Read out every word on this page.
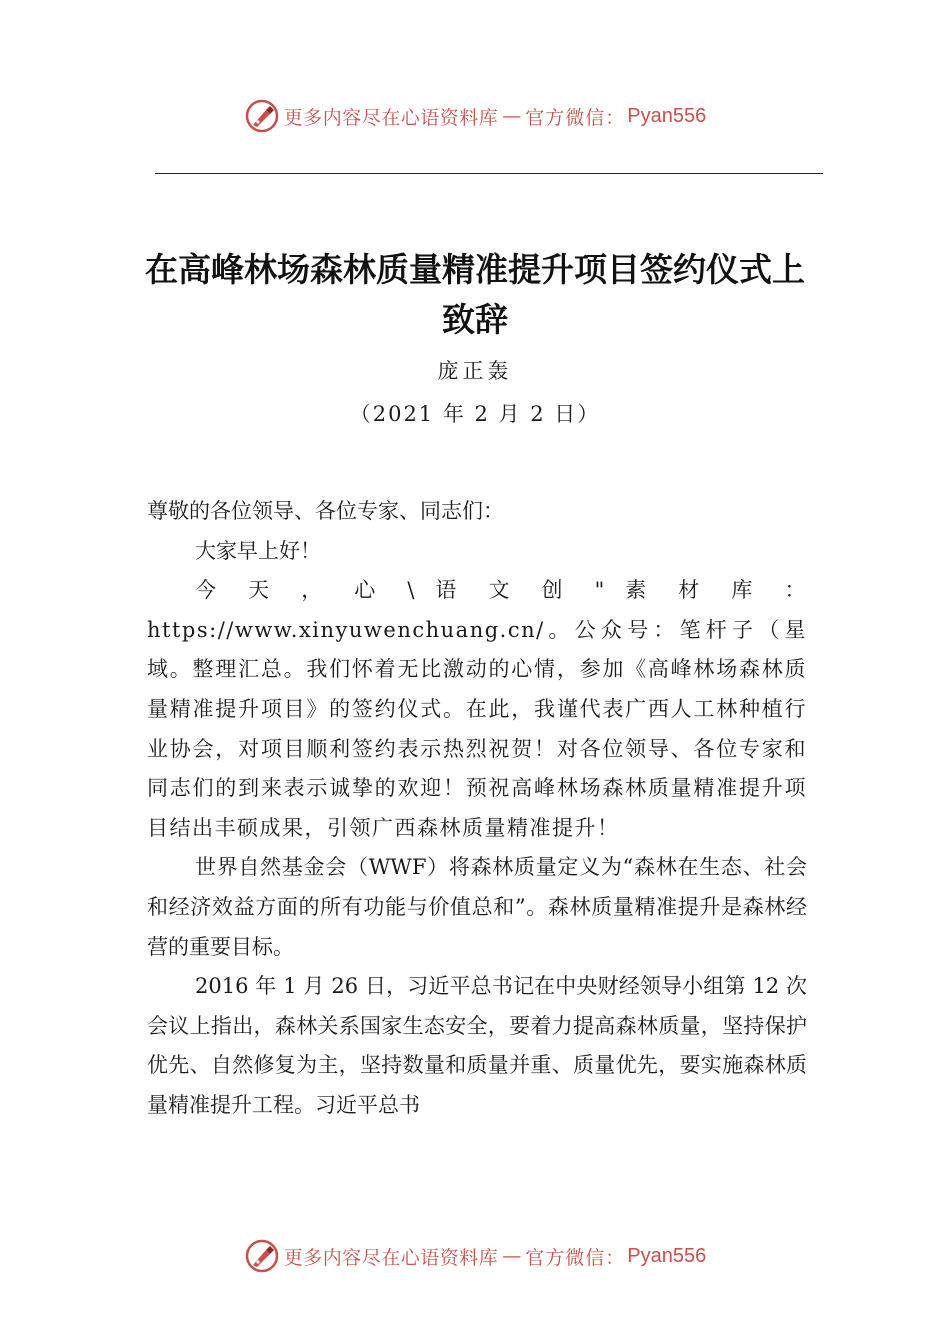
更多内容尽在心语资料库 — 官方微信： Pyan556
在高峰林场森林质量精准提升项目签约仪式上致辞
庞正轰
（2021 年 2 月 2 日）

尊敬的各位领导、各位专家、同志们：

大家早上好！

今 天 ， 心 \ 语 文 创 " 素 材 库 ： https://www.xinyuwenchuang.cn/。公众号：笔杆子（星域。整理汇总。我们怀着无比激动的心情，参加《高峰林场森林质量精准提升项目》的签约仪式。在此，我谨代表广西人工林种植行业协会，对项目顺利签约表示热烈祝贺！对各位领导、各位专家和同志们的到来表示诚挚的欢迎！预祝高峰林场森林质量精准提升项目结出丰硕成果，引领广西森林质量精准提升！

世界自然基金会（WWF）将森林质量定义为“森林在生态、社会和经济效益方面的所有功能与价值总和”。森林质量精准提升是森林经营的重要目标。

2016 年 1 月 26 日，习近平总书记在中央财经领导小组第 12 次会议上指出，森林关系国家生态安全，要着力提高森林质量，坚持保护优先、自然修复为主，坚持数量和质量并重、质量优先，要实施森林质量精准提升工程。习近平总书

更多内容尽在心语资料库 — 官方微信： Pyan556
